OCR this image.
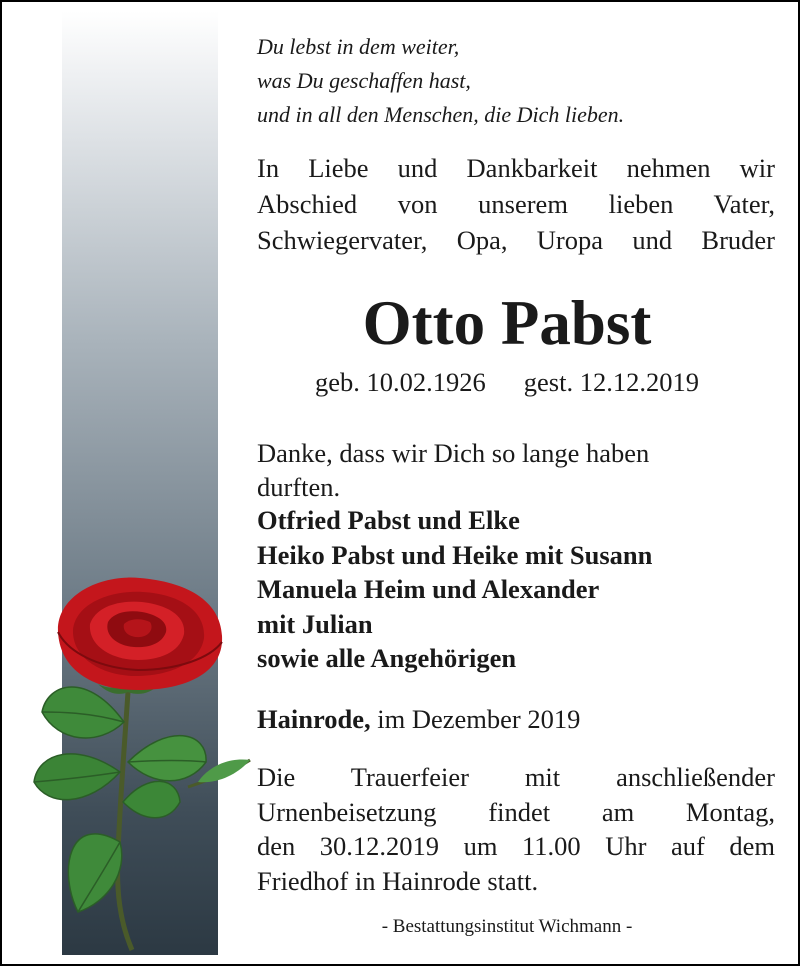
Du lebst in dem weiter,
was Du geschaffen hast,
und in all den Menschen, die Dich lieben.
In Liebe und Dankbarkeit nehmen wir
Abschied von unserem lieben Vater,
Schwiegervater, Opa, Uropa und Bruder
Otto Pabst
geb. 10.02.1926 gest. 12.12.2019
Danke, dass wir Dich so lange haben
durften.
Otfried Pabst und Elke
Heiko Pabst und Heike mit Susann
Manuela Heim und Alexander
mit Julian
sowie alle Angehörigen
Hainrode, im Dezember 2019
Die Trauerfeier mit anschließender
Urnenbeisetzung findet am Montag,
den 30.12.2019 um 11.00 Uhr auf dem
Friedhof in Hainrode statt.
- Bestattungsinstitut Wichmann -
